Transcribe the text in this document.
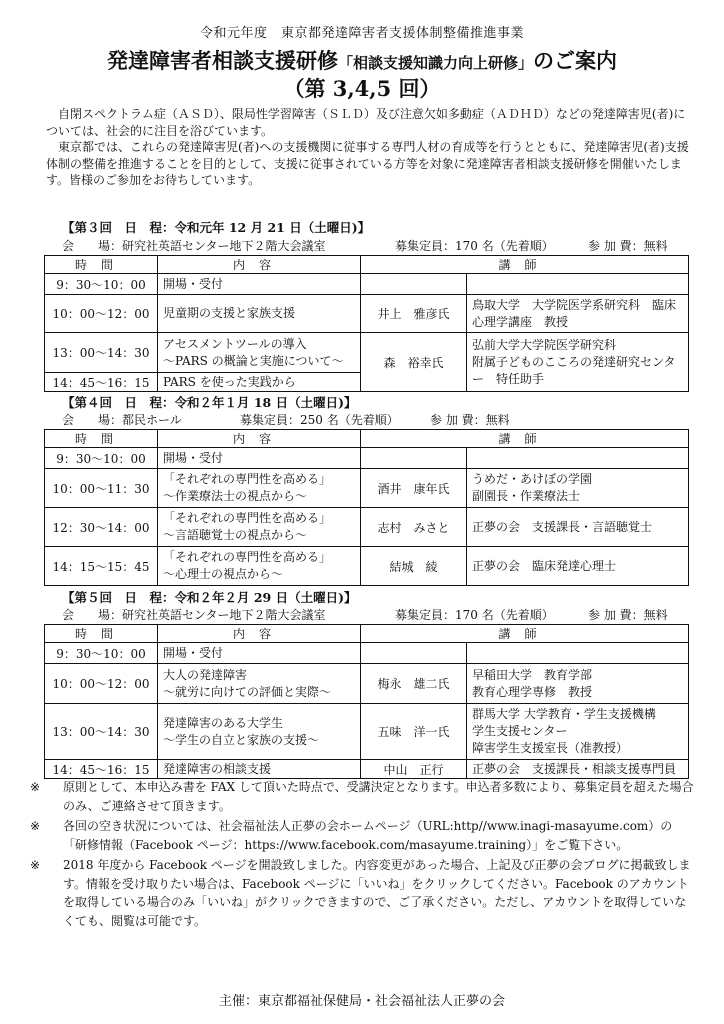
令和元年度　東京都発達障害者支援体制整備推進事業
発達障害者相談支援研修「相談支援知識力向上研修」のご案内
（第 3,4,5 回）

自閉スペクトラム症（ＡＳＤ）、限局性学習障害（ＳＬＤ）及び注意欠如多動症（ＡＤＨＤ）などの発達障害児(者)については、社会的に注目を浴びています。

東京都では、これらの発達障害児(者)への支援機関に従事する専門人材の育成等を行うとともに、発達障害児(者)支援体制の整備を推進することを目的として、支援に従事されている方等を対象に発達障害者相談支援研修を開催いたします。皆様のご参加をお待ちしています。

【第３回　日　程：令和元年 12 月 21 日（土曜日)】
会　　場：研究社英語センター地下２階大会議室	募集定員：170 名（先着順）	参 加 費：無料
時間	内容	講師	
9：30〜10：00	開場・受付		
10：00〜12：00	児童期の支援と家族支援	井上　雅彦氏	鳥取大学　大学院医学系研究科　臨床心理学講座　教授
13：00〜14：30	アセスメントツールの導入
〜PARS の概論と実施について〜	森　裕幸氏	弘前大学大学院医学研究科
附属子どものこころの発達研究センター　特任助手
14：45〜16：15	PARS を使った実践から		
【第４回　日　程：令和２年１月 18 日（土曜日)】
会　　場：都民ホール	募集定員：250 名（先着順）	参 加 費：無料
時間	内容	講師	
9：30〜10：00	開場・受付		
10：00〜11：30	「それぞれの専門性を高める」
〜作業療法士の視点から〜	酒井　康年氏	うめだ・あけぼの学園
副園長・作業療法士
12：30〜14：00	「それぞれの専門性を高める」
〜言語聴覚士の視点から〜	志村　みさと	正夢の会　支援課長・言語聴覚士
14：15〜15：45	「それぞれの専門性を高める」
〜心理士の視点から〜	結城　綾	正夢の会　臨床発達心理士
【第５回　日　程：令和２年２月 29 日（土曜日)】
会　　場：研究社英語センター地下２階大会議室	募集定員：170 名（先着順）	参 加 費：無料
時間	内容	講師	
9：30〜10：00	開場・受付		
10：00〜12：00	大人の発達障害
〜就労に向けての評価と実際〜	梅永　雄二氏	早稲田大学　教育学部
教育心理学専修　教授
13：00〜14：30	発達障害のある大学生
〜学生の自立と家族の支援〜	五味　洋一氏	群馬大学 大学教育・学生支援機構
学生支援センター
障害学生支援室長（准教授）
14：45〜16：15	発達障害の相談支援	中山　正行	正夢の会　支援課長・相談支援専門員
※ 原則として、本申込み書を FAX して頂いた時点で、受講決定となります。申込者多数により、募集定員を超えた場合のみ、ご連絡させて頂きます。
※ 各回の空き状況については、社会福祉法人正夢の会ホームページ（URL:http//www.inagi-masayume.com）の「研修情報（Facebook ページ：https://www.facebook.com/masayume.training）」をご覧下さい。
※ 2018 年度から Facebook ページを開設致しました。内容変更があった場合、上記及び正夢の会ブログに掲載致します。情報を受け取りたい場合は、Facebook ページに「いいね」をクリックしてください。Facebook のアカウントを取得している場合のみ「いいね」がクリックできますので、ご了承ください。ただし、アカウントを取得していなくても、閲覧は可能です。
主催：東京都福祉保健局・社会福祉法人正夢の会
